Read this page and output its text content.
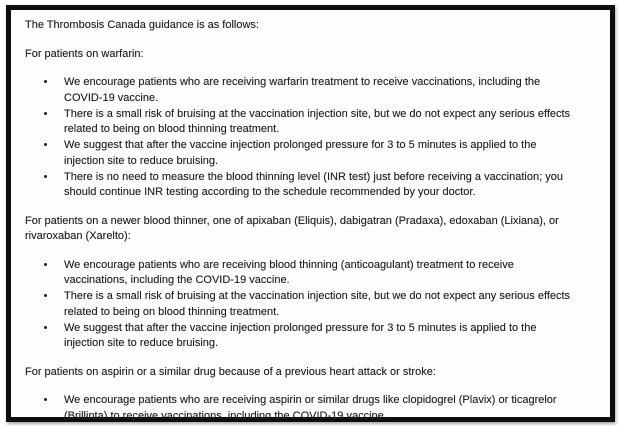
The Thrombosis Canada guidance is as follows:

For patients on warfarin:

• We encourage patients who are receiving warfarin treatment to receive vaccinations, including the COVID-19 vaccine.
• There is a small risk of bruising at the vaccination injection site, but we do not expect any serious effects related to being on blood thinning treatment.
• We suggest that after the vaccine injection prolonged pressure for 3 to 5 minutes is applied to the injection site to reduce bruising.
• There is no need to measure the blood thinning level (INR test) just before receiving a vaccination; you should continue INR testing according to the schedule recommended by your doctor.

For patients on a newer blood thinner, one of apixaban (Eliquis), dabigatran (Pradaxa), edoxaban (Lixiana), or rivaroxaban (Xarelto):

• We encourage patients who are receiving blood thinning (anticoagulant) treatment to receive vaccinations, including the COVID-19 vaccine.
• There is a small risk of bruising at the vaccination injection site, but we do not expect any serious effects related to being on blood thinning treatment.
• We suggest that after the vaccine injection prolonged pressure for 3 to 5 minutes is applied to the injection site to reduce bruising.

For patients on aspirin or a similar drug because of a previous heart attack or stroke:

• We encourage patients who are receiving aspirin or similar drugs like clopidogrel (Plavix) or ticagrelor (Brillinta) to receive vaccinations, including the COVID-19 vaccine.
